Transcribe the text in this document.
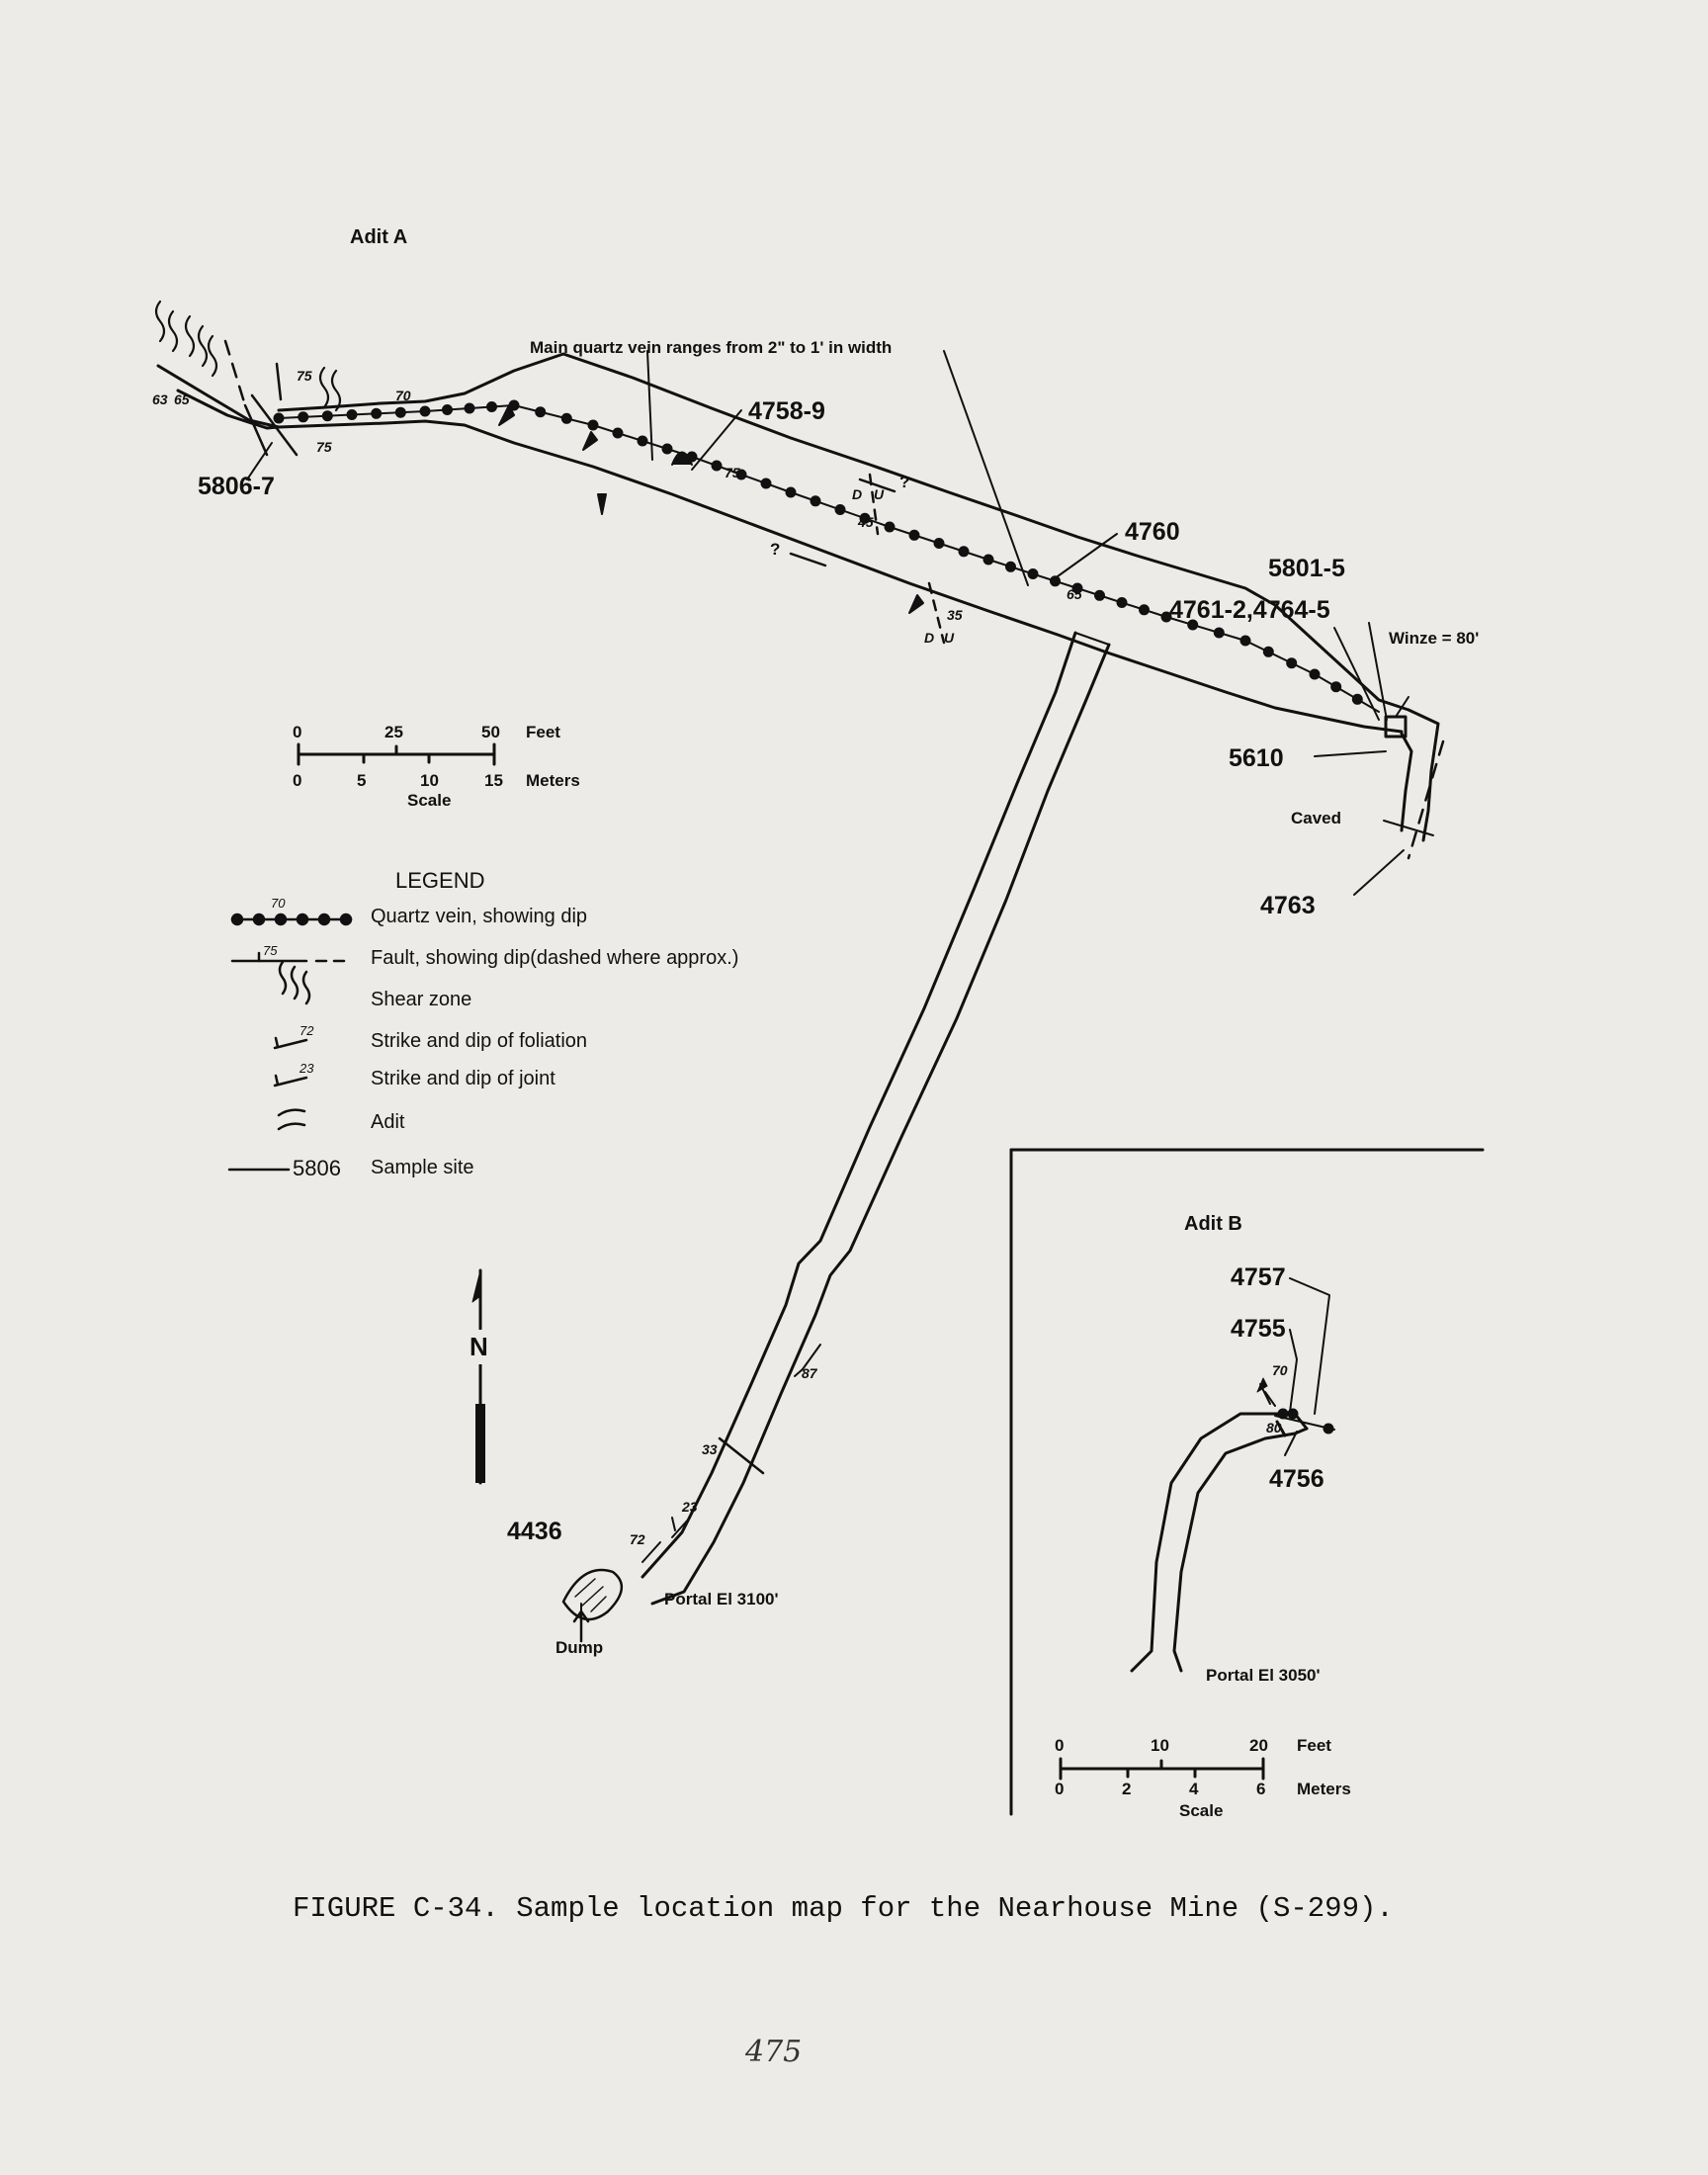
Adit A
Main quartz vein ranges from 2" to 1' in width
5806-7
4758-9
4760
5801-5
4761-2,4764-5
5610
4763
4436
Winze = 80'
Caved
Dump
Portal El 3100'
75
75
70
63 65
75
45
35
65
87
33
23
72
D U
D U
?
?
0	25	50 Feet
0	5	10	15 Meters
Scale
LEGEND
70
Quartz vein, showing dip
75	Fault, showing dip(dashed where approx.)
Shear zone
72	Strike and dip of foliation
23	Strike and dip of joint
Adit
5806 Sample site
N
Adit B
4757
4755
4756
70
80
Portal El 3050'
0	10	20 Feet
0	2	4	6 Meters
Scale
FIGURE C-34. Sample location map for the Nearhouse Mine (S-299).
475
